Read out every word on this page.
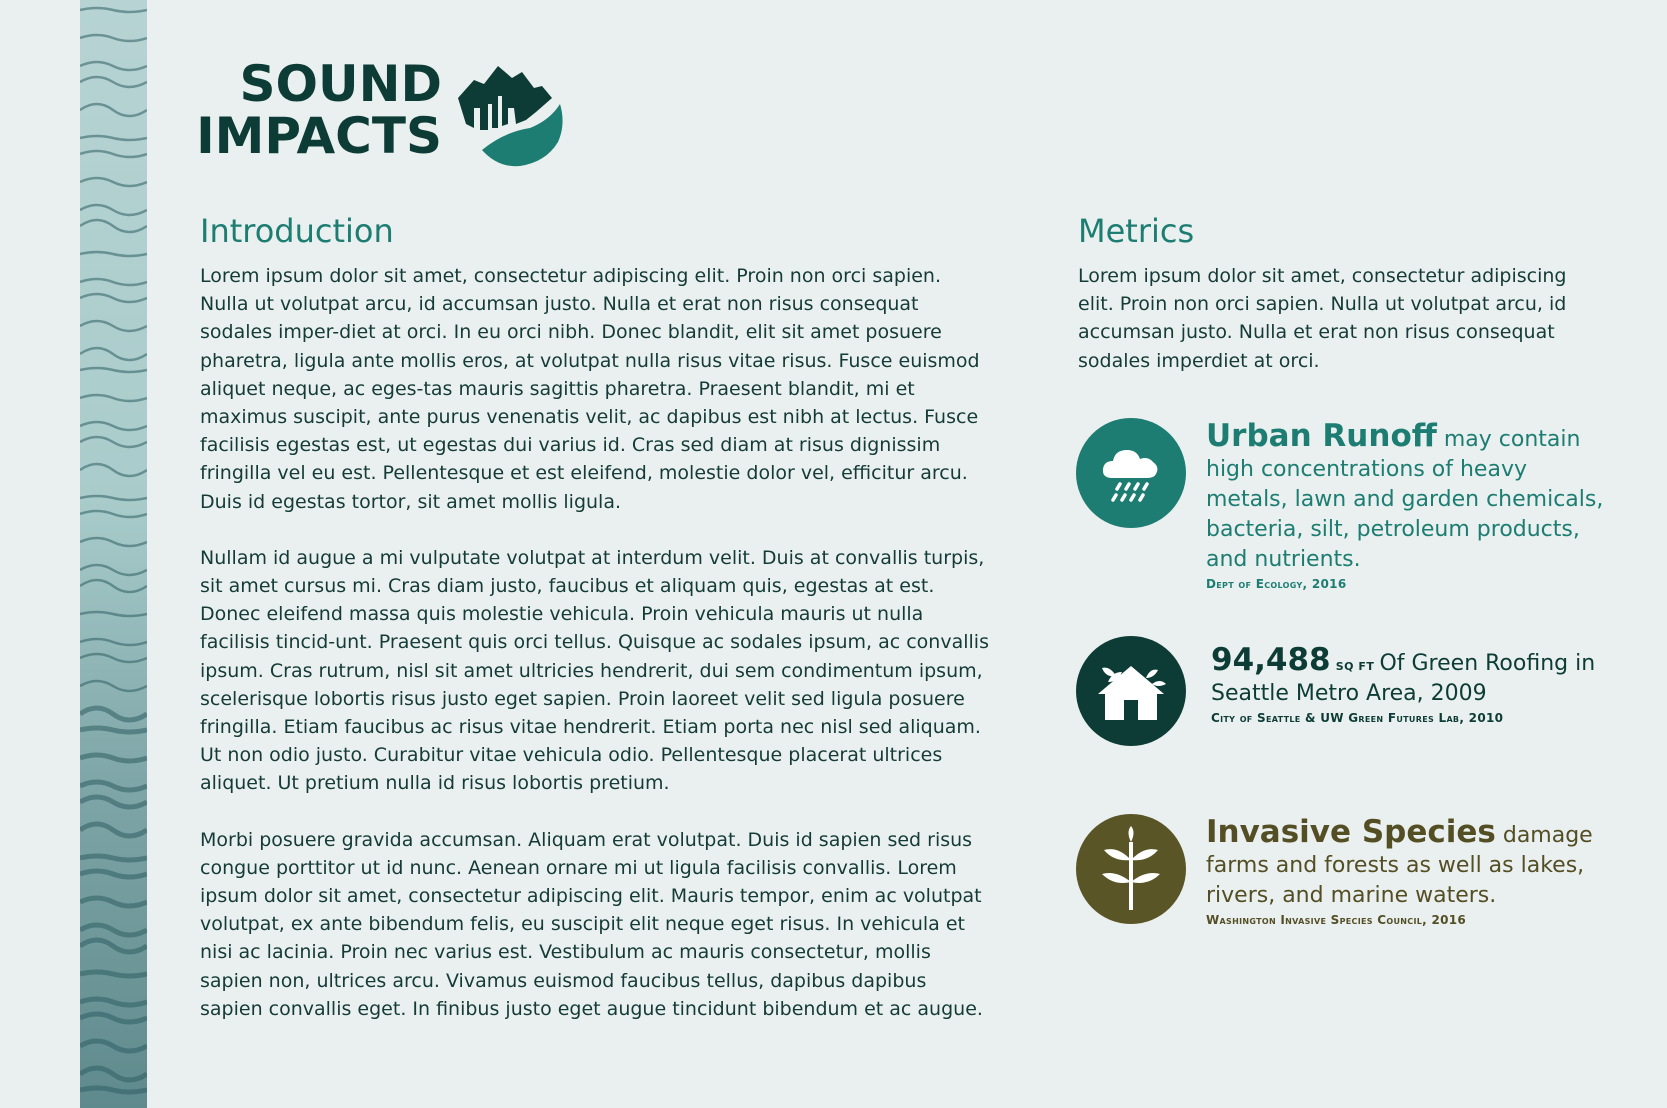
SOUND
IMPACTS
Introduction

Lorem ipsum dolor sit amet, consectetur adipiscing elit. Proin non orci sapien. Nulla ut volutpat arcu, id accumsan justo. Nulla et erat non risus consequat sodales imper-diet at orci. In eu orci nibh. Donec blandit, elit sit amet posuere pharetra, ligula ante mollis eros, at volutpat nulla risus vitae risus. Fusce euismod aliquet neque, ac eges-tas mauris sagittis pharetra. Praesent blandit, mi et maximus suscipit, ante purus venenatis velit, ac dapibus est nibh at lectus. Fusce facilisis egestas est, ut egestas dui varius id. Cras sed diam at risus dignissim fringilla vel eu est. Pellentesque et est eleifend, molestie dolor vel, efficitur arcu. Duis id egestas tortor, sit amet mollis ligula.

Nullam id augue a mi vulputate volutpat at interdum velit. Duis at convallis turpis, sit amet cursus mi. Cras diam justo, faucibus et aliquam quis, egestas at est. Donec eleifend massa quis molestie vehicula. Proin vehicula mauris ut nulla facilisis tincid-unt. Praesent quis orci tellus. Quisque ac sodales ipsum, ac convallis ipsum. Cras rutrum, nisl sit amet ultricies hendrerit, dui sem condimentum ipsum, scelerisque lobortis risus justo eget sapien. Proin laoreet velit sed ligula posuere fringilla. Etiam faucibus ac risus vitae hendrerit. Etiam porta nec nisl sed aliquam. Ut non odio justo. Curabitur vitae vehicula odio. Pellentesque placerat ultrices aliquet. Ut pretium nulla id risus lobortis pretium.

Morbi posuere gravida accumsan. Aliquam erat volutpat. Duis id sapien sed risus congue porttitor ut id nunc. Aenean ornare mi ut ligula facilisis convallis. Lorem ipsum dolor sit amet, consectetur adipiscing elit. Mauris tempor, enim ac volutpat volutpat, ex ante bibendum felis, eu suscipit elit neque eget risus. In vehicula et nisi ac lacinia. Proin nec varius est. Vestibulum ac mauris consectetur, mollis sapien non, ultrices arcu. Vivamus euismod faucibus tellus, dapibus dapibus sapien convallis eget. In finibus justo eget augue tincidunt bibendum et ac augue.

Metrics
Lorem ipsum dolor sit amet, consectetur adipiscing elit. Proin non orci sapien. Nulla ut volutpat arcu, id accumsan justo. Nulla et erat non risus consequat sodales imperdiet at orci.
Urban Runoff may contain high concentrations of heavy metals, lawn and garden chemicals, bacteria, silt, petroleum products, and nutrients.
Dept of Ecology, 2016
94,488 SQ FT Of Green Roofing in Seattle Metro Area, 2009
City of Seattle & UW Green Futures Lab, 2010
Invasive Species damage farms and forests as well as lakes, rivers, and marine waters.
Washington Invasive Species Council, 2016
